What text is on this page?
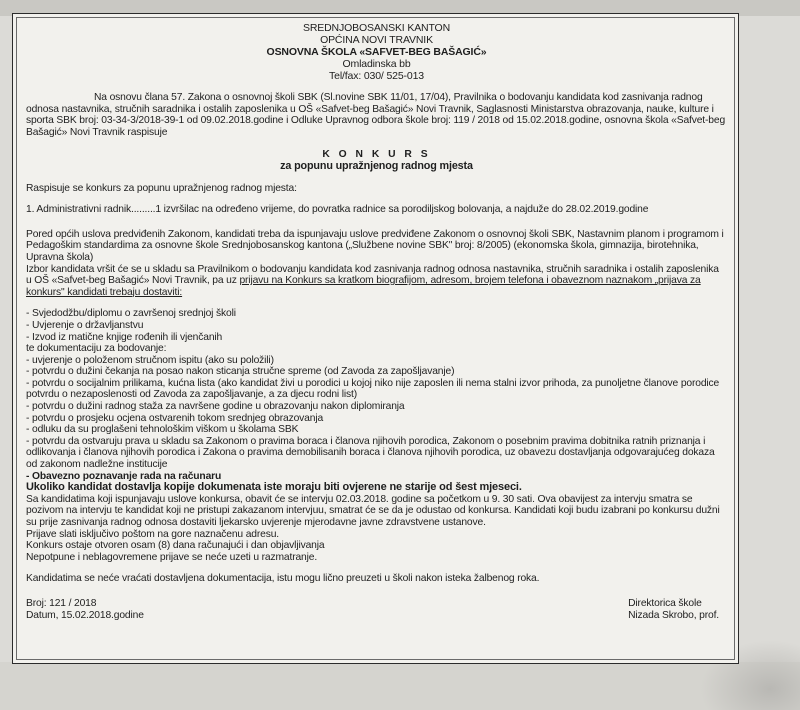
SREDNJOBOSANSKI KANTON
OPĆINA NOVI TRAVNIK
OSNOVNA ŠKOLA «SAFVET-BEG BAŠAGIĆ»
Omladinska bb
Tel/fax: 030/ 525-013

Na osnovu člana 57. Zakona o osnovnoj školi SBK (Sl.novine SBK 11/01, 17/04), Pravilnika o bodovanju kandidata kod zasnivanja radnog odnosa nastavnika, stručnih saradnika i ostalih zaposlenika u OŠ «Safvet-beg Bašagić» Novi Travnik, Saglasnosti Ministarstva obrazovanja, nauke, kulture i sporta SBK broj: 03-34-3/2018-39-1 od 09.02.2018.godine i Odluke Upravnog odbora škole broj: 119 / 2018 od 15.02.2018.godine, osnovna škola «Safvet-beg Bašagić» Novi Travnik raspisuje

K O N K U R S
za popunu upražnjenog radnog mjesta

Raspisuje se konkurs za popunu upražnjenog radnog mjesta:

1. Administrativni radnik.........1 izvršilac na određeno vrijeme, do povratka radnice sa porodiljskog bolovanja, a najduže do 28.02.2019.godine

Pored općih uslova predviđenih Zakonom, kandidati treba da ispunjavaju uslove predviđene Zakonom o osnovnoj školi SBK, Nastavnim planom i programom i Pedagoškim standardima za osnovne škole Srednjobosanskog kantona („Službene novine SBK" broj: 8/2005) (ekonomska škola, gimnazija, birotehnika, Upravna škola)

Izbor kandidata vršit će se u skladu sa Pravilnikom o bodovanju kandidata kod zasnivanja radnog odnosa nastavnika, stručnih saradnika i ostalih zaposlenika u OŠ «Safvet-beg Bašagić» Novi Travnik, pa uz prijavu na Konkurs sa kratkom biografijom, adresom, brojem telefona i obaveznom naznakom „prijava za konkurs" kandidati trebaju dostaviti:

- Svjedodžbu/diplomu o završenoj srednjoj školi
- Uvjerenje o državljanstvu
- Izvod iz matične knjige rođenih ili vjenčanih
te dokumentaciju za bodovanje:
- uvjerenje o položenom stručnom ispitu (ako su položili)
- potvrdu o dužini čekanja na posao nakon sticanja stručne spreme (od Zavoda za zapošljavanje)
- potvrdu o socijalnim prilikama, kućna lista (ako kandidat živi u porodici u kojoj niko nije zaposlen ili nema stalni izvor prihoda, za punoljetne članove porodice potvrdu o nezaposlenosti od Zavoda za zapošljavanje, a za djecu rodni list)
- potvrdu o dužini radnog staža za navršene godine u obrazovanju nakon diplomiranja
- potvrdu o prosjeku ocjena ostvarenih tokom srednjeg obrazovanja
- odluku da su proglašeni tehnološkim viškom u školama SBK
- potvrdu da ostvaruju prava u skladu sa Zakonom o pravima boraca i članova njihovih porodica, Zakonom o posebnim pravima dobitnika ratnih priznanja i odlikovanja i članova njihovih porodica i Zakona o pravima demobilisanih boraca i članova njihovih porodica, uz obavezu dostavljanja odgovarajućeg dokaza od zakonom nadležne institucije
- Obavezno poznavanje rada na računaru
Ukoliko kandidat dostavlja kopije dokumenata iste moraju biti ovjerene ne starije od šest mjeseci.
Sa kandidatima koji ispunjavaju uslove konkursa, obavit će se intervju 02.03.2018. godine sa početkom u 9. 30 sati. Ova obavijest za intervju smatra se pozivom na intervju te kandidat koji ne pristupi zakazanom intervjuu, smatrat će se da je odustao od konkursa. Kandidati koji budu izabrani po konkursu dužni su prije zasnivanja radnog odnosa dostaviti ljekarsko uvjerenje mjerodavne javne zdravstvene ustanove.
Prijave slati isključivo poštom na gore naznačenu adresu.
Konkurs ostaje otvoren osam (8) dana računajući i dan objavljivanja
Nepotpune i neblagovremene prijave se neće uzeti u razmatranje.

Kandidatima se neće vraćati dostavljena dokumentacija, istu mogu lično preuzeti u školi nakon isteka žalbenog roka.

Broj: 121 / 2018
Datum, 15.02.2018.godine
Direktorica škole
Nizada Skrobo, prof.
